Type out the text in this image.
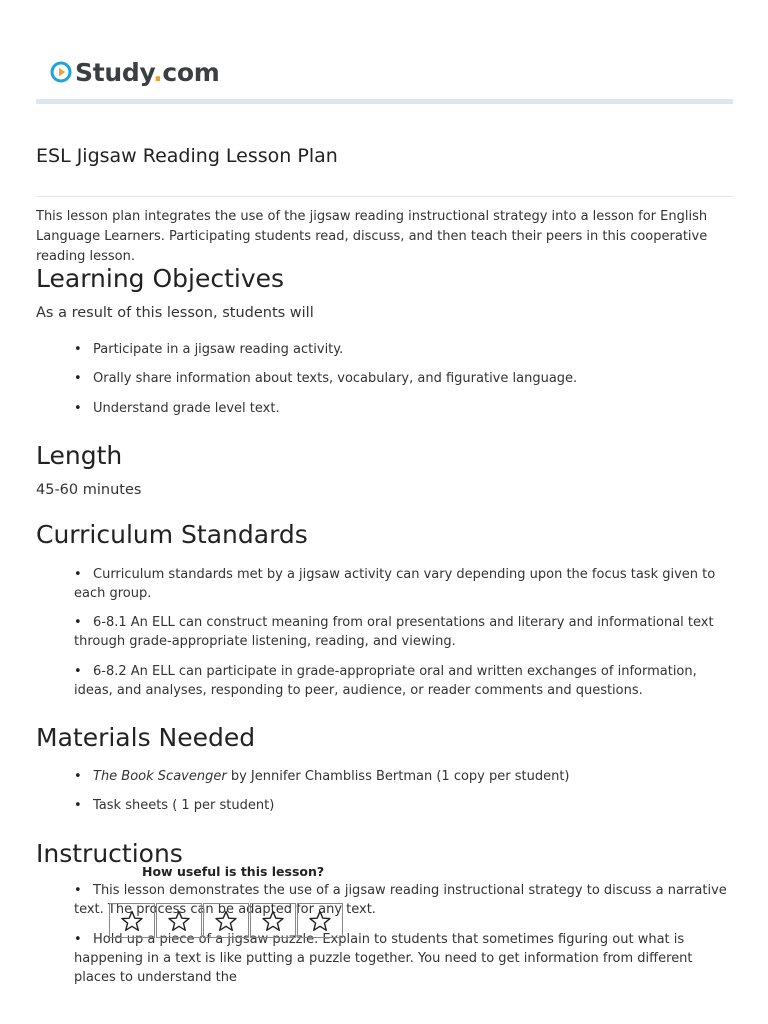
Study.com
ESL Jigsaw Reading Lesson Plan
This lesson plan integrates the use of the jigsaw reading instructional strategy into a lesson for English Language Learners. Participating students read, discuss, and then teach their peers in this cooperative reading lesson.
Learning Objectives
As a result of this lesson, students will
• Participate in a jigsaw reading activity.
• Orally share information about texts, vocabulary, and figurative language.
• Understand grade level text.
Length
45-60 minutes
Curriculum Standards
• Curriculum standards met by a jigsaw activity can vary depending upon the focus task given to each group.
• 6-8.1 An ELL can construct meaning from oral presentations and literary and informational text through grade-appropriate listening, reading, and viewing.
• 6-8.2 An ELL can participate in grade-appropriate oral and written exchanges of information, ideas, and analyses, responding to peer, audience, or reader comments and questions.
Materials Needed
• The Book Scavenger by Jennifer Chambliss Bertman (1 copy per student)
• Task sheets ( 1 per student)
Instructions
• This lesson demonstrates the use of a jigsaw reading instructional strategy to discuss a narrative text. The process can be adapted for any text.
• Hold up a piece of a jigsaw puzzle. Explain to students that sometimes figuring out what is happening in a text is like putting a puzzle together. You need to get information from different places to understand the
How useful is this lesson?
